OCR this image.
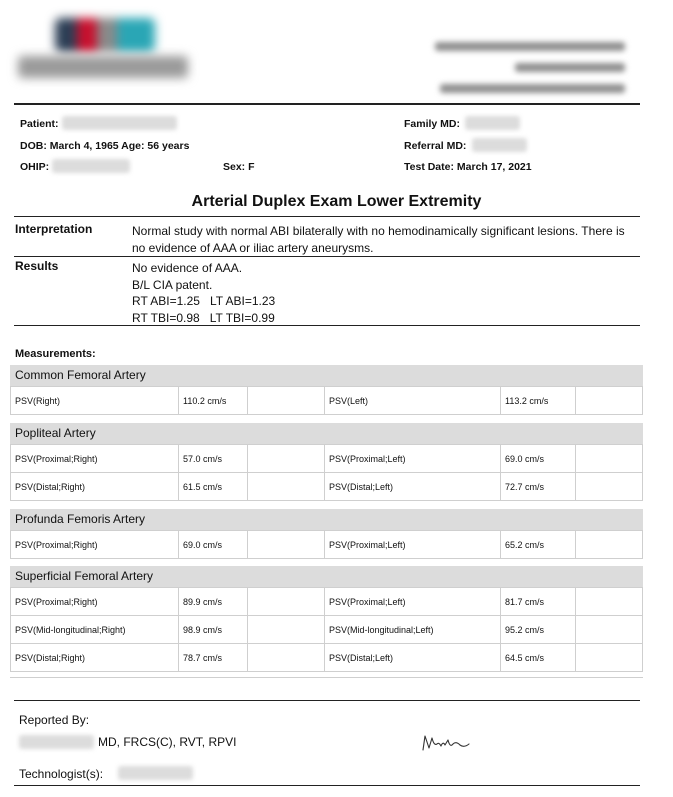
Patient:
DOB: March 4, 1965 Age: 56 years
OHIP:	Sex: F
Family MD:
Referral MD:
Test Date: March 17, 2021
Arterial Duplex Exam Lower Extremity
Interpretation	Normal study with normal ABI bilaterally with no hemodinamically significant lesions. There is
no evidence of AAA or iliac artery aneurysms.
Results	No evidence of AAA.
B/L CIA patent.
RT ABI=1.25   LT ABI=1.23
RT TBI=0.98   LT TBI=0.99
Measurements:
Common Femoral Artery
PSV(Right)	110.2 cm/s		PSV(Left)	113.2 cm/s	
Popliteal Artery
PSV(Proximal;Right)	57.0 cm/s		PSV(Proximal;Left)	69.0 cm/s	
PSV(Distal;Right)	61.5 cm/s		PSV(Distal;Left)	72.7 cm/s	
Profunda Femoris Artery
PSV(Proximal;Right)	69.0 cm/s		PSV(Proximal;Left)	65.2 cm/s	
Superficial Femoral Artery
PSV(Proximal;Right)	89.9 cm/s		PSV(Proximal;Left)	81.7 cm/s	
PSV(Mid-longitudinal;Right)	98.9 cm/s		PSV(Mid-longitudinal;Left)	95.2 cm/s	
PSV(Distal;Right)	78.7 cm/s		PSV(Distal;Left)	64.5 cm/s	
Reported By:
MD, FRCS(C), RVT, RPVI
Technologist(s):
